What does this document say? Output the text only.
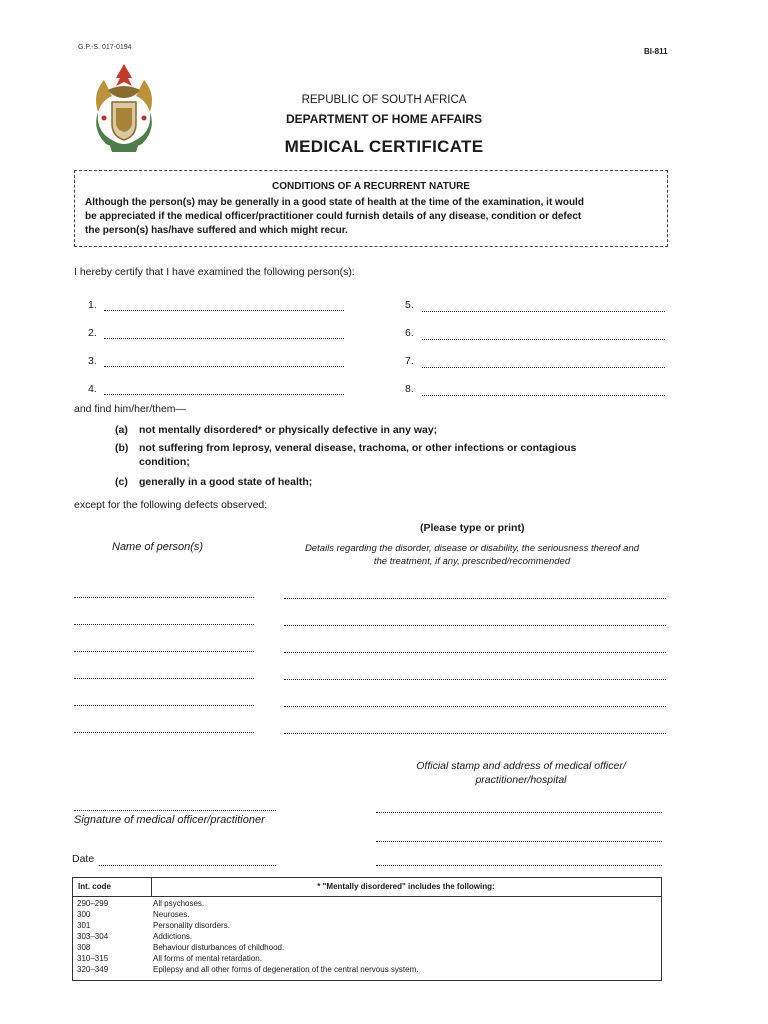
G.P.-S. 017-0194	BI-811
REPUBLIC OF SOUTH AFRICA
DEPARTMENT OF HOME AFFAIRS
MEDICAL CERTIFICATE
CONDITIONS OF A RECURRENT NATURE
Although the person(s) may be generally in a good state of health at the time of the examination, it would
be appreciated if the medical officer/practitioner could furnish details of any disease, condition or defect
the person(s) has/have suffered and which might recur.
I hereby certify that I have examined the following person(s):
1.
2.
3.
4.
5.
6.
7.
8.
and find him/her/them—
(a) not mentally disordered* or physically defective in any way;
(b) not suffering from leprosy, veneral disease, trachoma, or other infections or contagious
condition;
(c) generally in a good state of health;
except for the following defects observed:
(Please type or print)
Name of person(s)	Details regarding the disorder, disease or disability, the seriousness thereof and
the treatment, if any, prescribed/recommended
Official stamp and address of medical officer/
practitioner/hospital
Signature of medical officer/practitioner
Date
Int. code	* "Mentally disordered" includes the following:
290–299	All psychoses.
300	Neuroses.
301	Personality disorders.
303–304	Addictions.
308	Behaviour disturbances of childhood.
310–315	All forms of mental retardation.
320–349	Epilepsy and all other forms of degeneration of the central nervous system.
